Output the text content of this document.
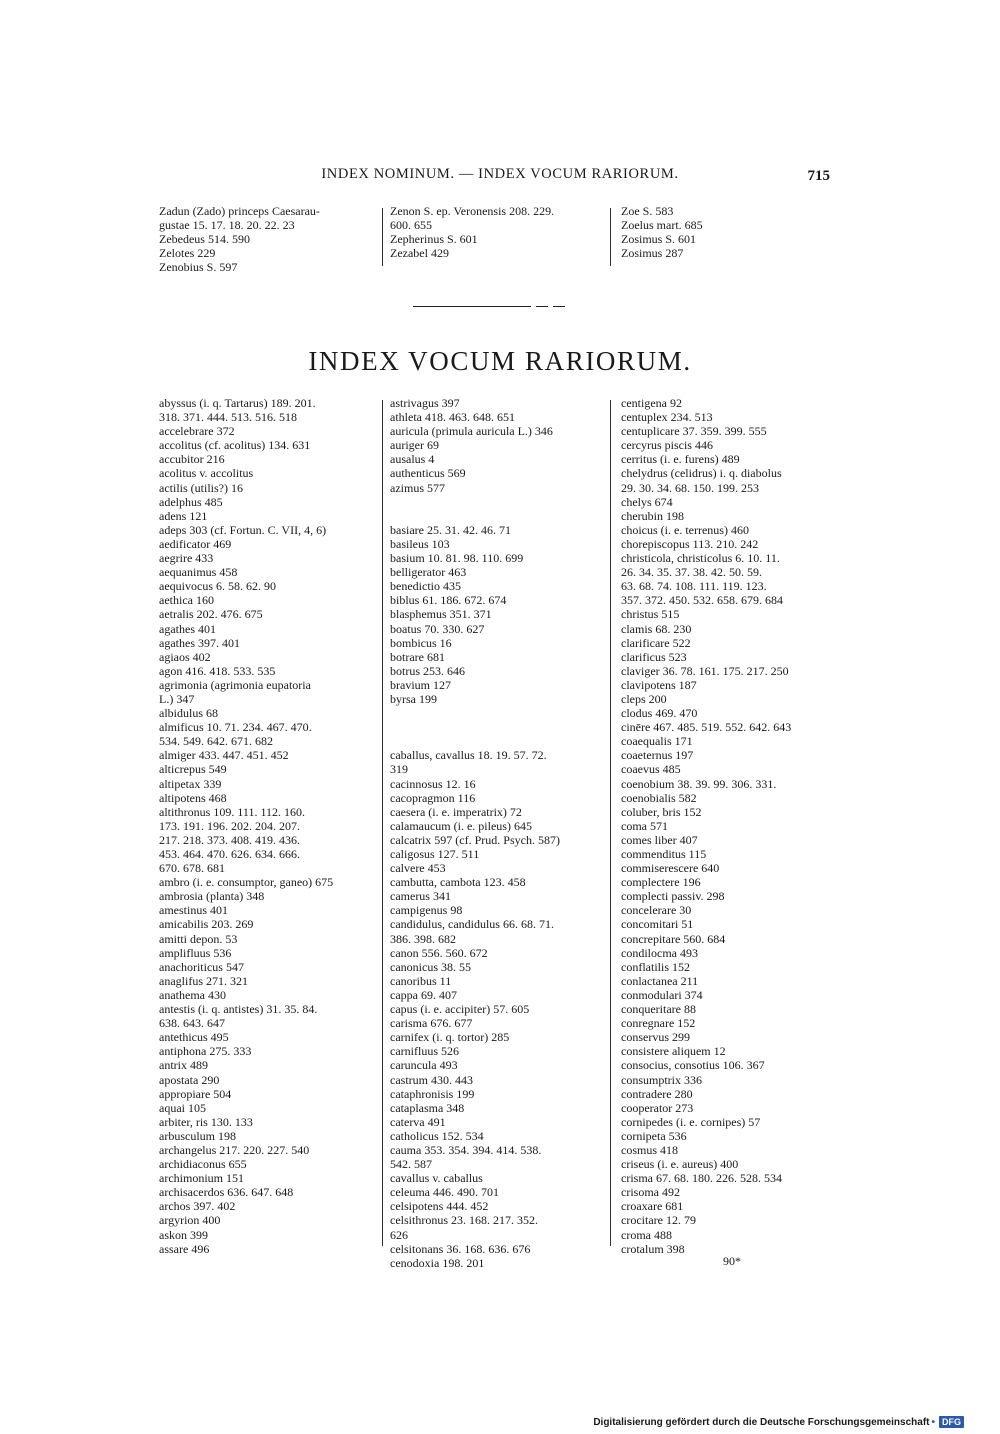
INDEX NOMINUM. — INDEX VOCUM RARIORUM.	715
Zadun (Zado) princeps Caesarau-
gustae 15. 17. 18. 20. 22. 23
Zebedeus 514. 590
Zelotes 229
Zenobius S. 597
Zenon S. ep. Veronensis 208. 229.
600. 655
Zepherinus S. 601
Zezabel 429
Zoe S. 583
Zoelus mart. 685
Zosimus S. 601
Zosimus 287
INDEX VOCUM RARIORUM.
abyssus (i. q. Tartarus) 189. 201.
318. 371. 444. 513. 516. 518
accelebrare 372
accolitus (cf. acolitus) 134. 631
accubitor 216
acolitus v. accolitus
actilis (utilis?) 16
adelphus 485
adens 121
adeps 303 (cf. Fortun. C. VII, 4, 6)
aedificator 469
aegrire 433
aequanimus 458
aequivocus 6. 58. 62. 90
aethica 160
aetralis 202. 476. 675
agathes 401
agathes 397. 401
agiaos 402
agon 416. 418. 533. 535
agrimonia (agrimonia eupatoria
L.) 347
albidulus 68
almificus 10. 71. 234. 467. 470.
534. 549. 642. 671. 682
almiger 433. 447. 451. 452
alticrepus 549
altipetax 339
altipotens 468
altithronus 109. 111. 112. 160.
173. 191. 196. 202. 204. 207.
217. 218. 373. 408. 419. 436.
453. 464. 470. 626. 634. 666.
670. 678. 681
ambro (i. e. consumptor, ganeo) 675
ambrosia (planta) 348
amestinus 401
amicabilis 203. 269
amitti depon. 53
amplifluus 536
anachoriticus 547
anaglifus 271. 321
anathema 430
antestis (i. q. antistes) 31. 35. 84.
638. 643. 647
antethicus 495
antiphona 275. 333
antrix 489
apostata 290
appropiare 504
aquai 105
arbiter, ris 130. 133
arbusculum 198
archangelus 217. 220. 227. 540
archidiaconus 655
archimonium 151
archisacerdos 636. 647. 648
archos 397. 402
argyrion 400
askon 399
assare 496
astrivagus 397
athleta 418. 463. 648. 651
auricula (primula auricula L.) 346
auriger 69
ausalus 4
authenticus 569
azimus 577

basiare 25. 31. 42. 46. 71
basileus 103
basium 10. 81. 98. 110. 699
belligerator 463
benedictio 435
biblus 61. 186. 672. 674
blasphemus 351. 371
boatus 70. 330. 627
bombicus 16
botrare 681
botrus 253. 646
bravium 127
byrsa 199

caballus, cavallus 18. 19. 57. 72.
319
cacinnosus 12. 16
cacopragmon 116
caesera (i. e. imperatrix) 72
calamaucum (i. e. pileus) 645
calcatrix 597 (cf. Prud. Psych. 587)
caligosus 127. 511
calvere 453
cambutta, cambota 123. 458
camerus 341
campigenus 98
candidulus, candidulus 66. 68. 71.
386. 398. 682
canon 556. 560. 672
canonicus 38. 55
canoribus 11
cappa 69. 407
capus (i. e. accipiter) 57. 605
carisma 676. 677
carnifex (i. q. tortor) 285
carnifluus 526
caruncula 493
castrum 430. 443
cataphronisis 199
cataplasma 348
caterva 491
catholicus 152. 534
cauma 353. 354. 394. 414. 538.
542. 587
cavallus v. caballus
celeuma 446. 490. 701
celsipotens 444. 452
celsithronus 23. 168. 217. 352.
626
celsitonans 36. 168. 636. 676
cenodoxia 198. 201
centigena 92
centuplex 234. 513
centuplicare 37. 359. 399. 555
cercyrus piscis 446
cerritus (i. e. furens) 489
chelydrus (celidrus) i. q. diabolus
29. 30. 34. 68. 150. 199. 253
chelys 674
cherubin 198
choicus (i. e. terrenus) 460
chorepiscopus 113. 210. 242
christicola, christicolus 6. 10. 11.
26. 34. 35. 37. 38. 42. 50. 59.
63. 68. 74. 108. 111. 119. 123.
357. 372. 450. 532. 658. 679. 684
christus 515
clamis 68. 230
clarificare 522
clarificus 523
claviger 36. 78. 161. 175. 217. 250
clavipotens 187
cleps 200
clodus 469. 470
cinēre 467. 485. 519. 552. 642. 643
coaequalis 171
coaeternus 197
coaevus 485
coenobium 38. 39. 99. 306. 331.
coenobialis 582
coluber, bris 152
coma 571
comes liber 407
commenditus 115
commiserescere 640
complectere 196
complecti passiv. 298
concelerare 30
concomitari 51
concrepitare 560. 684
condilocma 493
conflatilis 152
conlactanea 211
conmodulari 374
conqueritare 88
conregnare 152
conservus 299
consistere aliquem 12
consocius, consotius 106. 367
consumptrix 336
contradere 280
cooperator 273
cornipedes (i. e. cornipes) 57
cornipeta 536
cosmus 418
criseus (i. e. aureus) 400
crisma 67. 68. 180. 226. 528. 534
crisoma 492
croaxare 681
crocitare 12. 79
croma 488
crotalum 398
90*
Digitalisierung gefördert durch die Deutsche Forschungsgemeinschaft • DFG
